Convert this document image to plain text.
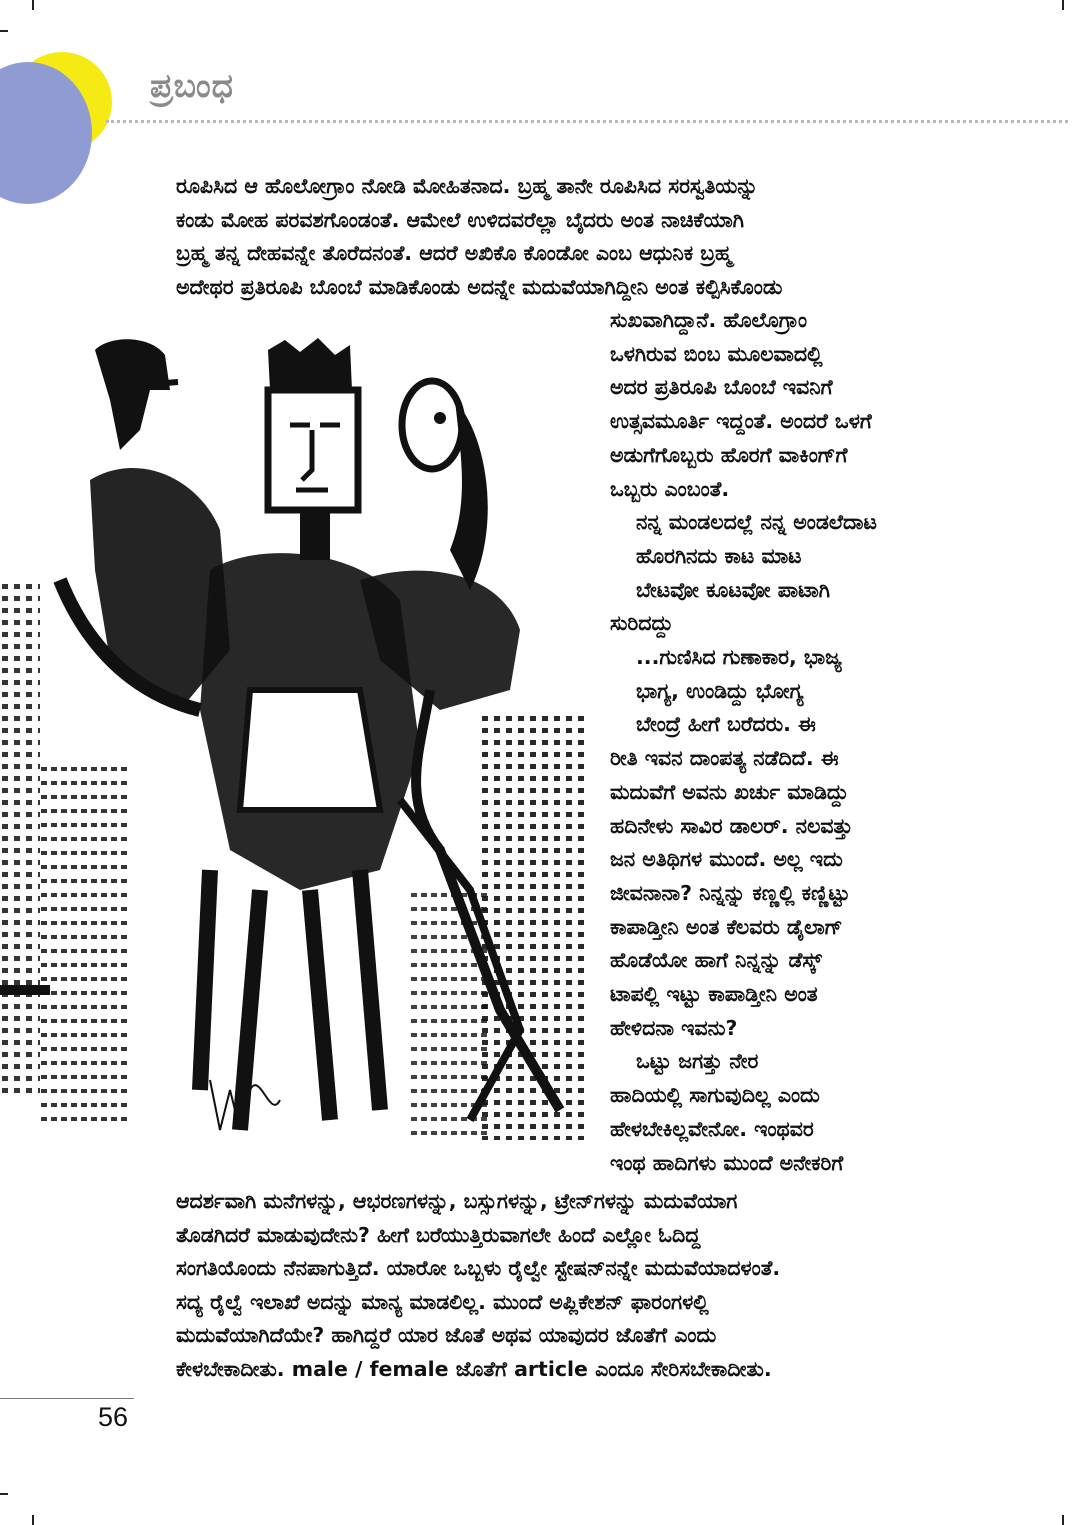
ಪ್ರಬಂಧ

ರೂಪಿಸಿದ ಆ ಹೊಲೋಗ್ರಾಂ ನೋಡಿ ಮೋಹಿತನಾದ. ಬ್ರಹ್ಮ ತಾನೇ ರೂಪಿಸಿದ ಸರಸ್ವತಿಯನ್ನು
ಕಂಡು ಮೋಹ ಪರವಶಗೊಂಡಂತೆ. ಆಮೇಲೆ ಉಳಿದವರೆಲ್ಲಾ ಬೈದರು ಅಂತ ನಾಚಿಕೆಯಾಗಿ
ಬ್ರಹ್ಮ ತನ್ನ ದೇಹವನ್ನೇ ತೊರೆದನಂತೆ. ಆದರೆ ಅಖಿಕೊ ಕೊಂಡೋ ಎಂಬ ಆಧುನಿಕ ಬ್ರಹ್ಮ
ಅದೇಥರ ಪ್ರತಿರೂಪಿ ಬೊಂಬೆ ಮಾಡಿಕೊಂಡು ಅದನ್ನೇ ಮದುವೆಯಾಗಿದ್ದೀನಿ ಅಂತ ಕಲ್ಪಿಸಿಕೊಂಡು

ಸುಖವಾಗಿದ್ದಾನೆ. ಹೊಲೊಗ್ರಾಂ
ಒಳಗಿರುವ ಬಿಂಬ ಮೂಲವಾದಲ್ಲಿ
ಅದರ ಪ್ರತಿರೂಪಿ ಬೊಂಬೆ ಇವನಿಗೆ
ಉತ್ಸವಮೂರ್ತಿ ಇದ್ದಂತೆ. ಅಂದರೆ ಒಳಗೆ
ಅಡುಗೆಗೊಬ್ಬರು ಹೊರಗೆ ವಾಕಿಂಗ್‌ಗೆ
ಒಬ್ಬರು ಎಂಬಂತೆ.
ನನ್ನ ಮಂಡಲದಲ್ಲೆ ನನ್ನ ಅಂಡಲೆದಾಟ
ಹೊರಗಿನದು ಕಾಟ ಮಾಟ
ಬೇಟವೋ ಕೂಟವೋ ಪಾಟಾಗಿ
ಸುರಿದದ್ದು
...ಗುಣಿಸಿದ ಗುಣಾಕಾರ, ಭಾಜ್ಯ
ಭಾಗ್ಯ, ಉಂಡಿದ್ದು ಭೋಗ್ಯ
ಬೇಂದ್ರೆ ಹೀಗೆ ಬರೆದರು. ಈ
ರೀತಿ ಇವನ ದಾಂಪತ್ಯ ನಡೆದಿದೆ. ಈ
ಮದುವೆಗೆ ಅವನು ಖರ್ಚು ಮಾಡಿದ್ದು
ಹದಿನೇಳು ಸಾವಿರ ಡಾಲರ್. ನಲವತ್ತು
ಜನ ಅತಿಥಿಗಳ ಮುಂದೆ. ಅಲ್ಲ ಇದು
ಜೀವನಾನಾ? ನಿನ್ನನ್ನು ಕಣ್ಣಲ್ಲಿ ಕಣ್ಣಿಟ್ಟು
ಕಾಪಾಡ್ತೀನಿ ಅಂತ ಕೆಲವರು ಡೈಲಾಗ್
ಹೊಡೆಯೋ ಹಾಗೆ ನಿನ್ನನ್ನು ಡೆಸ್ಕ್
ಟಾಪಲ್ಲಿ ಇಟ್ಟು ಕಾಪಾಡ್ತೀನಿ ಅಂತ
ಹೇಳಿದನಾ ಇವನು?
ಒಟ್ಟು ಜಗತ್ತು ನೇರ
ಹಾದಿಯಲ್ಲಿ ಸಾಗುವುದಿಲ್ಲ ಎಂದು
ಹೇಳಬೇಕಿಲ್ಲವೇನೋ. ಇಂಥವರ
ಇಂಥ ಹಾದಿಗಳು ಮುಂದೆ ಅನೇಕರಿಗೆ

ಆದರ್ಶವಾಗಿ ಮನೆಗಳನ್ನು, ಆಭರಣಗಳನ್ನು, ಬಸ್ಸುಗಳನ್ನು, ಟ್ರೇನ್‌ಗಳನ್ನು ಮದುವೆಯಾಗ
ತೊಡಗಿದರೆ ಮಾಡುವುದೇನು? ಹೀಗೆ ಬರೆಯುತ್ತಿರುವಾಗಲೇ ಹಿಂದೆ ಎಲ್ಲೋ ಓದಿದ್ದ
ಸಂಗತಿಯೊಂದು ನೆನಪಾಗುತ್ತಿದೆ. ಯಾರೋ ಒಬ್ಬಳು ರೈಲ್ವೇ ಸ್ಟೇಷನ್‌ನನ್ನೇ ಮದುವೆಯಾದಳಂತೆ.
ಸದ್ಯ ರೈಲ್ವೆ ಇಲಾಖೆ ಅದನ್ನು ಮಾನ್ಯ ಮಾಡಲಿಲ್ಲ. ಮುಂದೆ ಅಪ್ಲಿಕೇಶನ್ ಫಾರಂಗಳಲ್ಲಿ
ಮದುವೆಯಾಗಿದೆಯೇ? ಹಾಗಿದ್ದರೆ ಯಾರ ಜೊತೆ ಅಥವ ಯಾವುದರ ಜೊತೆಗೆ ಎಂದು
ಕೇಳಬೇಕಾದೀತು. male / female ಜೊತೆಗೆ article ಎಂದೂ ಸೇರಿಸಬೇಕಾದೀತು.

56
